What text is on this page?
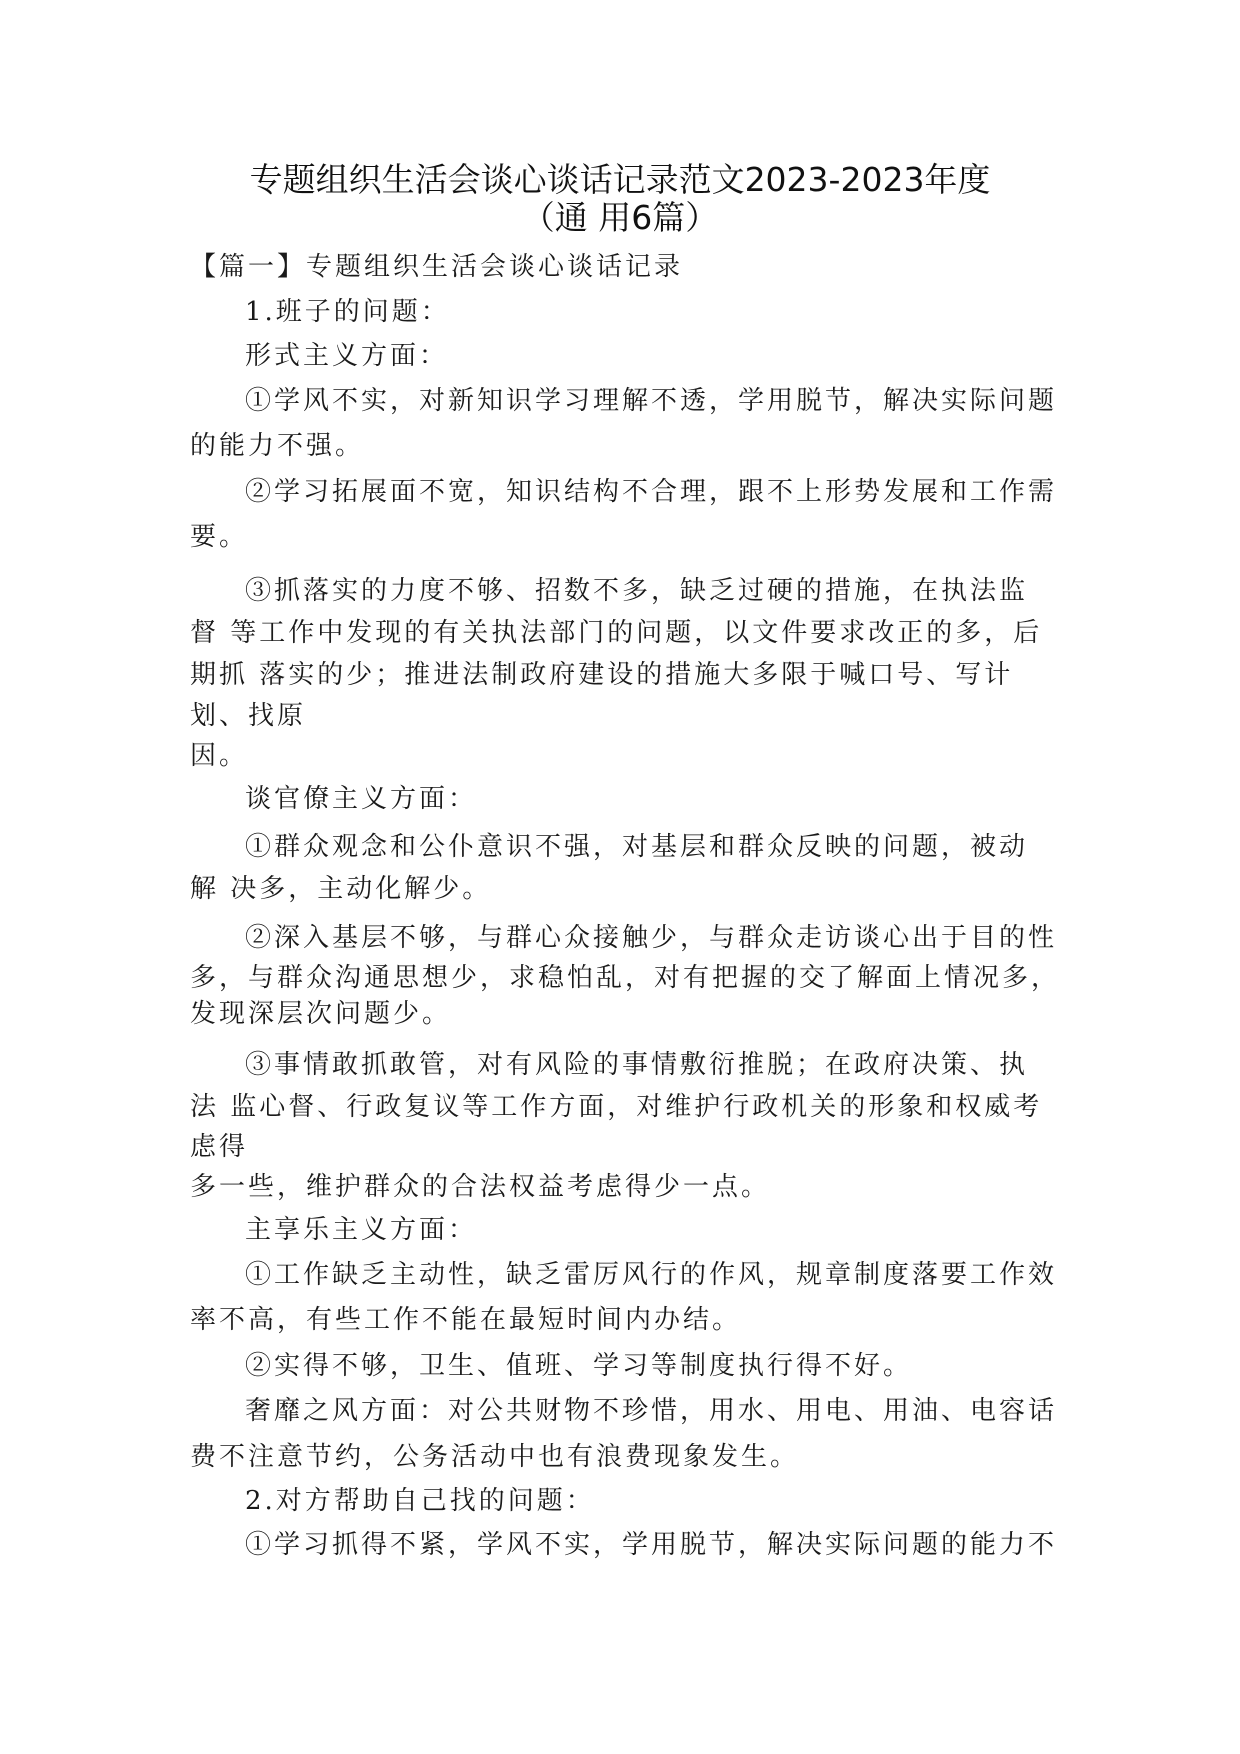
专题组织生活会谈心谈话记录范文2023-2023年度
（通 用6篇）
【篇一】专题组织生活会谈心谈话记录
1.班子的问题：
形式主义方面：
①学风不实，对新知识学习理解不透，学用脱节，解决实际问题
的能力不强。
②学习拓展面不宽，知识结构不合理，跟不上形势发展和工作需
要。
③抓落实的力度不够、招数不多，缺乏过硬的措施，在执法监
督 等工作中发现的有关执法部门的问题，以文件要求改正的多，后
期抓 落实的少；推进法制政府建设的措施大多限于喊口号、写计
划、找原
因。
谈官僚主义方面：
①群众观念和公仆意识不强，对基层和群众反映的问题，被动
解 决多，主动化解少。
②深入基层不够，与群心众接触少，与群众走访谈心出于目的性
多，与群众沟通思想少，求稳怕乱，对有把握的交了解面上情况多，
发现深层次问题少。
③事情敢抓敢管，对有风险的事情敷衍推脱；在政府决策、执
法 监心督、行政复议等工作方面，对维护行政机关的形象和权威考
虑得
多一些，维护群众的合法权益考虑得少一点。
主享乐主义方面：
①工作缺乏主动性，缺乏雷厉风行的作风，规章制度落要工作效
率不高，有些工作不能在最短时间内办结。
②实得不够，卫生、值班、学习等制度执行得不好。
奢靡之风方面：对公共财物不珍惜，用水、用电、用油、电容话
费不注意节约，公务活动中也有浪费现象发生。
2.对方帮助自己找的问题：
①学习抓得不紧，学风不实，学用脱节，解决实际问题的能力不
